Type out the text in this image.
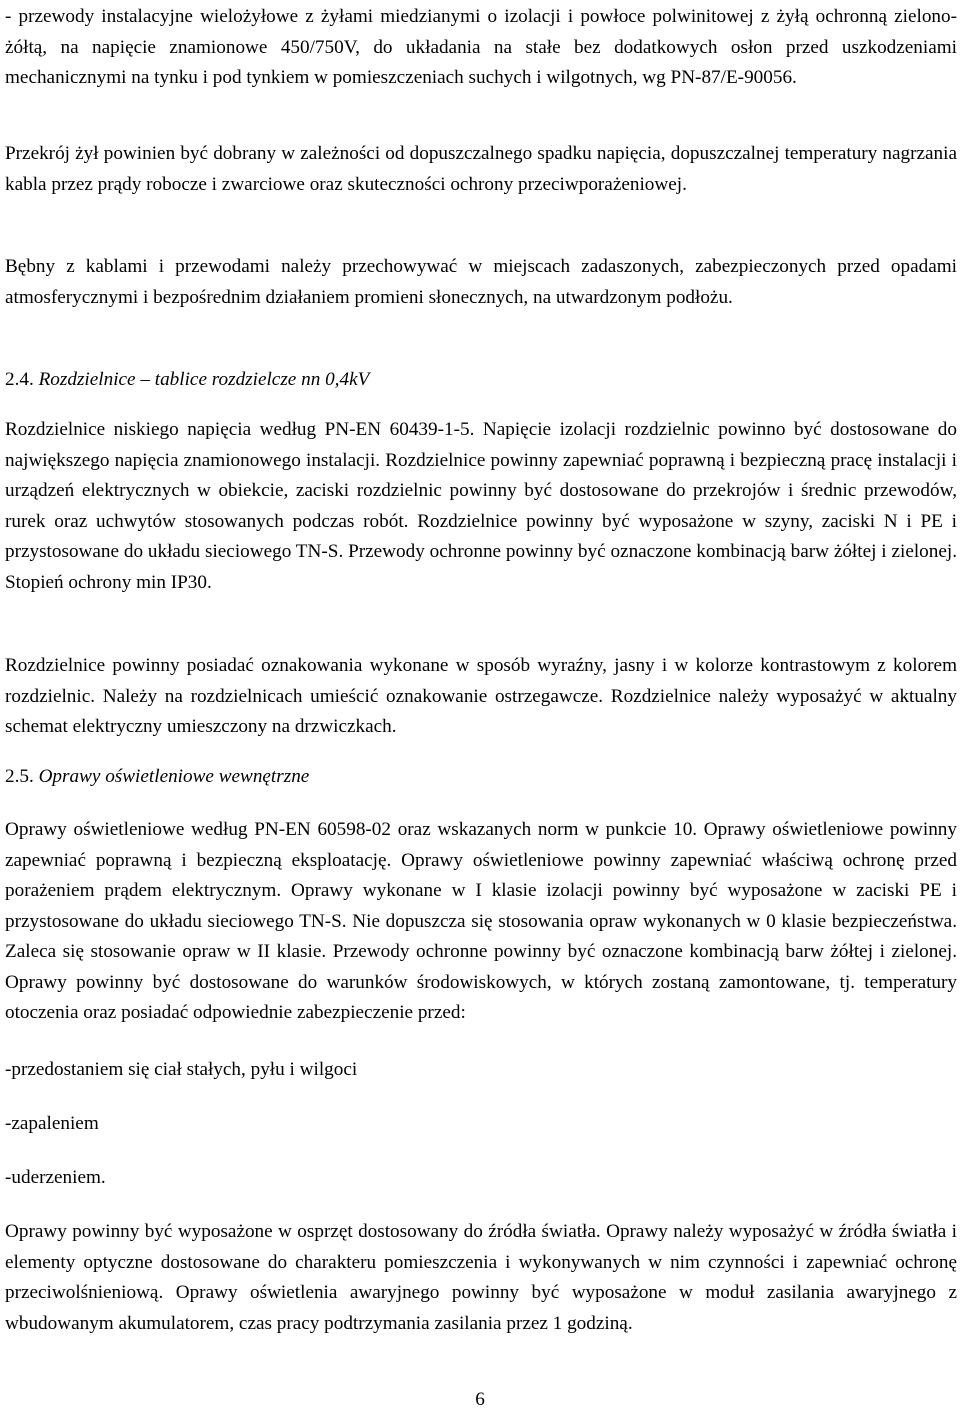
- przewody instalacyjne wielożyłowe z żyłami miedzianymi o izolacji i powłoce polwinitowej z żyłą ochronną zielono-żółtą, na napięcie znamionowe 450/750V, do układania na stałe bez dodatkowych osłon przed uszkodzeniami mechanicznymi na tynku i pod tynkiem w pomieszczeniach suchych i wilgotnych, wg PN-87/E-90056.

Przekrój żył powinien być dobrany w zależności od dopuszczalnego spadku napięcia, dopuszczalnej temperatury nagrzania kabla przez prądy robocze i zwarciowe oraz skuteczności ochrony przeciwporażeniowej.

Bębny z kablami i przewodami należy przechowywać w miejscach zadaszonych, zabezpieczonych przed opadami atmosferycznymi i bezpośrednim działaniem promieni słonecznych, na utwardzonym podłożu.

2.4. Rozdzielnice – tablice rozdzielcze nn 0,4kV

Rozdzielnice niskiego napięcia według PN-EN 60439-1-5. Napięcie izolacji rozdzielnic powinno być dostosowane do największego napięcia znamionowego instalacji. Rozdzielnice powinny zapewniać poprawną i bezpieczną pracę instalacji i urządzeń elektrycznych w obiekcie, zaciski rozdzielnic powinny być dostosowane do przekrojów i średnic przewodów, rurek oraz uchwytów stosowanych podczas robót. Rozdzielnice powinny być wyposażone w szyny, zaciski N i PE i przystosowane do układu sieciowego TN-S. Przewody ochronne powinny być oznaczone kombinacją barw żółtej i zielonej. Stopień ochrony min IP30.

Rozdzielnice powinny posiadać oznakowania wykonane w sposób wyraźny, jasny i w kolorze kontrastowym z kolorem rozdzielnic. Należy na rozdzielnicach umieścić oznakowanie ostrzegawcze. Rozdzielnice należy wyposażyć w aktualny schemat elektryczny umieszczony na drzwiczkach.

2.5. Oprawy oświetleniowe wewnętrzne

Oprawy oświetleniowe według PN-EN 60598-02 oraz wskazanych norm w punkcie 10. Oprawy oświetleniowe powinny zapewniać poprawną i bezpieczną eksploatację. Oprawy oświetleniowe powinny zapewniać właściwą ochronę przed porażeniem prądem elektrycznym. Oprawy wykonane w I klasie izolacji powinny być wyposażone w zaciski PE i przystosowane do układu sieciowego TN-S. Nie dopuszcza się stosowania opraw wykonanych w 0 klasie bezpieczeństwa. Zaleca się stosowanie opraw w II klasie. Przewody ochronne powinny być oznaczone kombinacją barw żółtej i zielonej. Oprawy powinny być dostosowane do warunków środowiskowych, w których zostaną zamontowane, tj. temperatury otoczenia oraz posiadać odpowiednie zabezpieczenie przed:

-przedostaniem się ciał stałych, pyłu i wilgoci

-zapaleniem

-uderzeniem.

Oprawy powinny być wyposażone w osprzęt dostosowany do źródła światła. Oprawy należy wyposażyć w źródła światła i elementy optyczne dostosowane do charakteru pomieszczenia i wykonywanych w nim czynności i zapewniać ochronę przeciwolśnieniową. Oprawy oświetlenia awaryjnego powinny być wyposażone w moduł zasilania awaryjnego z wbudowanym akumulatorem, czas pracy podtrzymania zasilania przez 1 godziną.

6
